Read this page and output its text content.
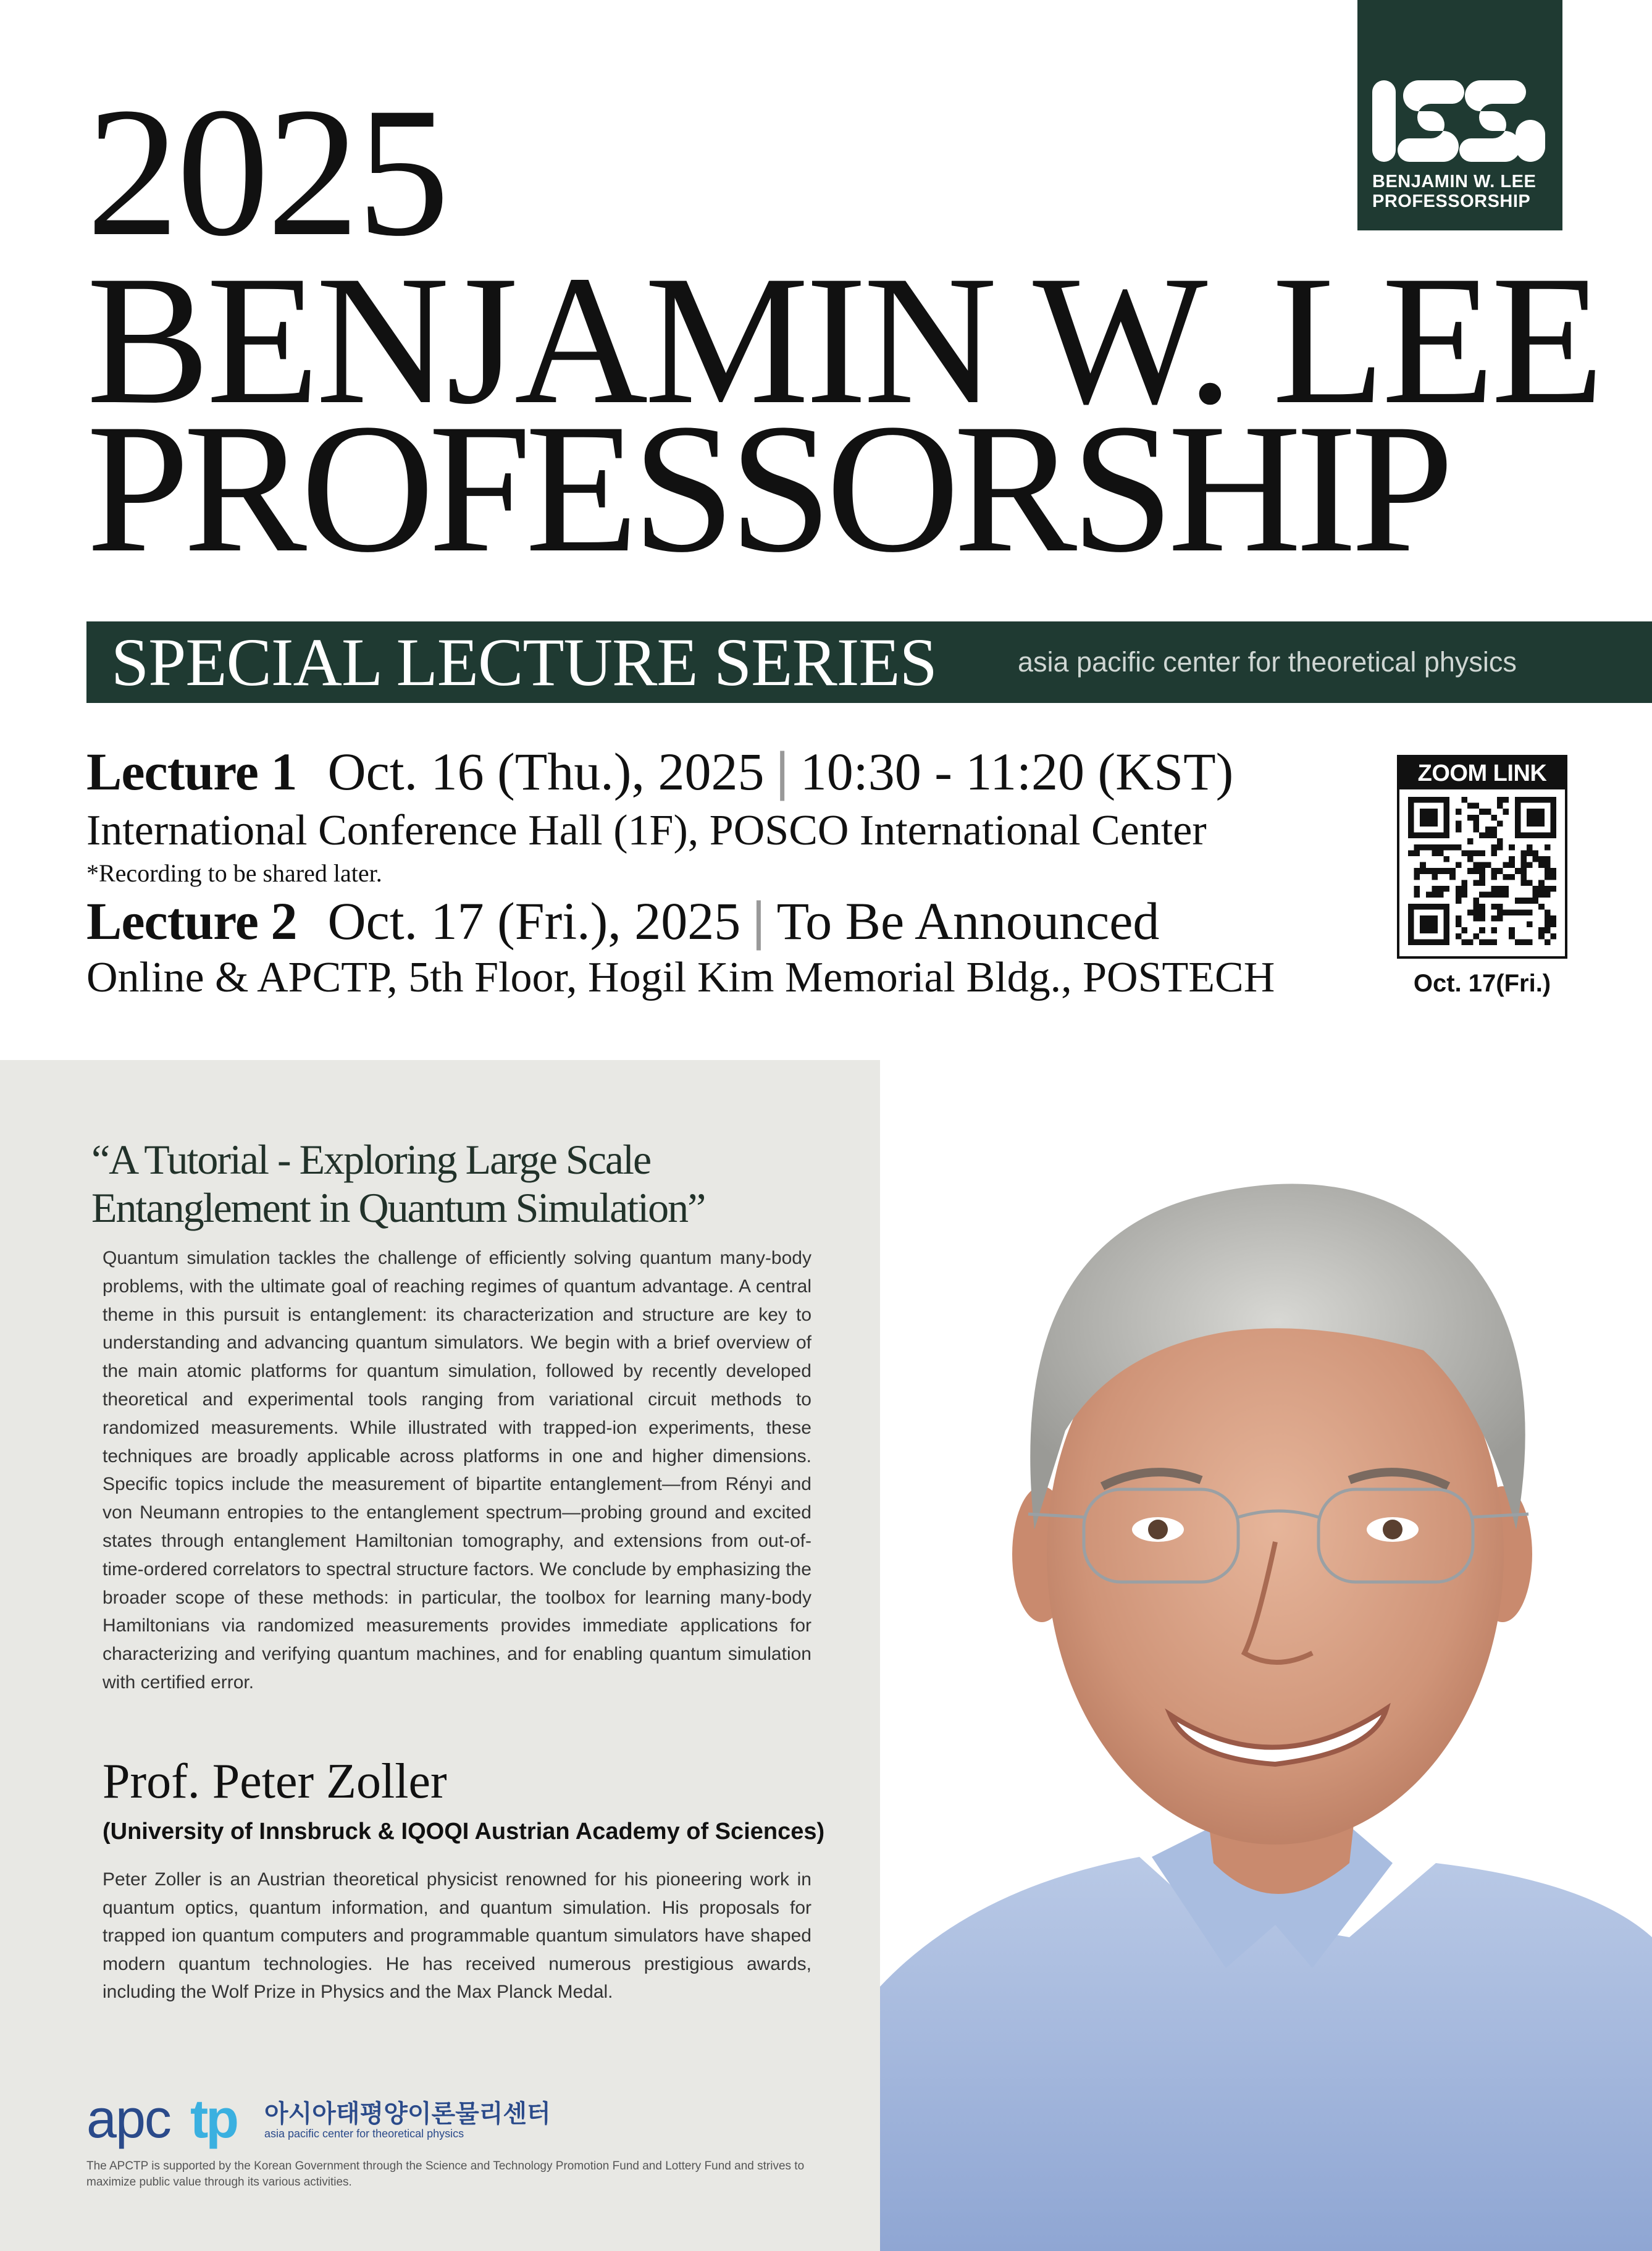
2025
BENJAMIN W. LEE
PROFESSORSHIP
BENJAMIN W. LEE
PROFESSORSHIP
SPECIAL LECTURE SERIES	asia pacific center for theoretical physics
Lecture 1 Oct. 16 (Thu.), 2025 | 10:30 - 11:20 (KST)
International Conference Hall (1F), POSCO International Center
*Recording to be shared later.
Lecture 2 Oct. 17 (Fri.), 2025 | To Be Announced
Online & APCTP, 5th Floor, Hogil Kim Memorial Bldg., POSTECH
ZOOM LINK
Oct. 17(Fri.)
“A Tutorial - Exploring Large Scale
Entanglement in Quantum Simulation”

Quantum simulation tackles the challenge of efficiently solving quantum many-body problems, with the ultimate goal of reaching regimes of quantum advantage. A central theme in this pursuit is entanglement: its characterization and structure are key to understanding and advancing quantum simulators. We begin with a brief overview of the main atomic platforms for quantum simulation, followed by recently developed theoretical and experimental tools ranging from variational circuit methods to randomized measurements. While illustrated with trapped-ion experiments, these techniques are broadly applicable across platforms in one and higher dimensions. Specific topics include the measurement of bipartite entanglement—from Rényi and von Neumann entropies to the entanglement spectrum—probing ground and excited states through entanglement Hamiltonian tomography, and extensions from out-of-time-ordered correlators to spectral structure factors. We conclude by emphasizing the broader scope of these methods: in particular, the toolbox for learning many-body Hamiltonians via randomized measurements provides immediate applications for characterizing and verifying quantum machines, and for enabling quantum simulation with certified error.

Prof. Peter Zoller
(University of Innsbruck & IQOQI Austrian Academy of Sciences)

Peter Zoller is an Austrian theoretical physicist renowned for his pioneering work in quantum optics, quantum information, and quantum simulation. His proposals for trapped ion quantum computers and programmable quantum simulators have shaped modern quantum technologies. He has received numerous prestigious awards, including the Wolf Prize in Physics and the Max Planck Medal.

apc tp 아시아태평양이론물리센터
asia pacific center for theoretical physics

The APCTP is supported by the Korean Government through the Science and Technology Promotion Fund and Lottery Fund and strives to maximize public value through its various activities.
